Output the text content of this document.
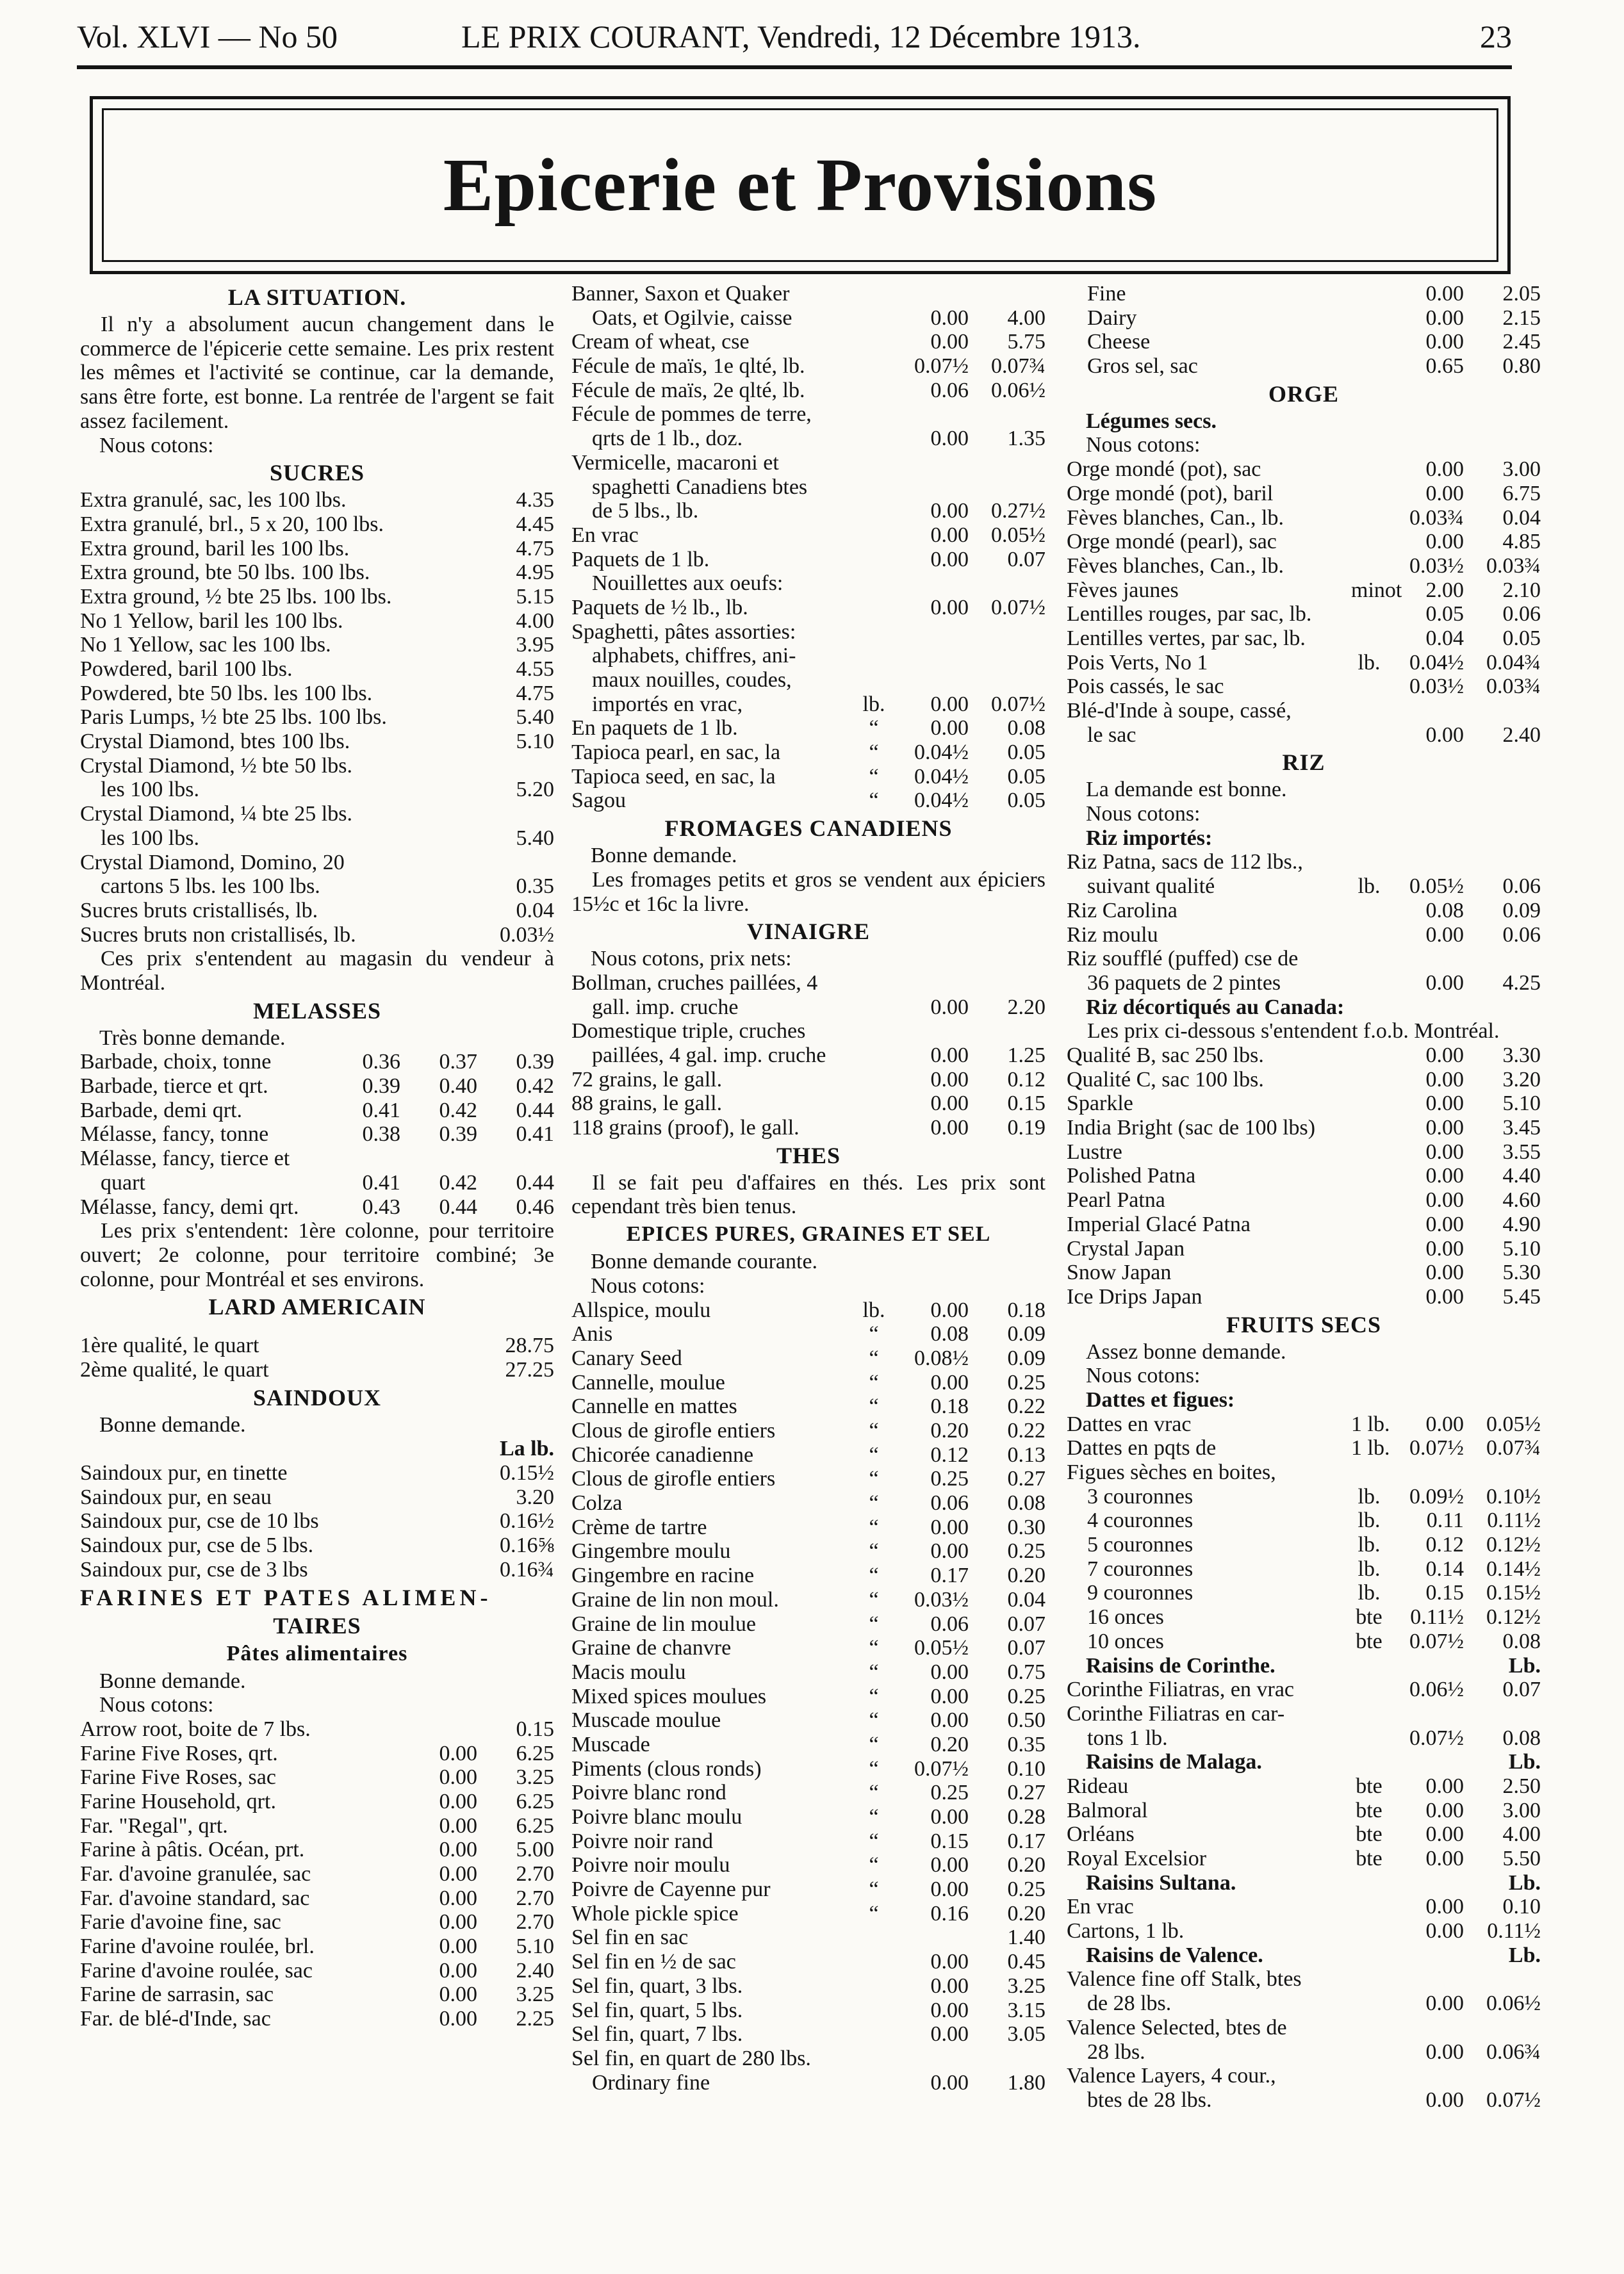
Vol. XLVI — No 50	LE PRIX COURANT, Vendredi, 12 Décembre 1913.	23
Epicerie et Provisions
LA SITUATION.
Il n'y a absolument aucun changement dans le commerce de l'épicerie cette semaine. Les prix restent les mêmes et l'activité se continue, car la demande, sans être forte, est bonne. La rentrée de l'argent se fait assez facilement.
Nous cotons:
SUCRES
Extra granulé, sac, les 100 lbs.	4.35
Extra granulé, brl., 5 x 20, 100 lbs.	4.45
Extra ground, baril les 100 lbs.	4.75
Extra ground, bte 50 lbs. 100 lbs.	4.95
Extra ground, ½ bte 25 lbs. 100 lbs.	5.15
No 1 Yellow, baril les 100 lbs.	4.00
No 1 Yellow, sac les 100 lbs.	3.95
Powdered, baril 100 lbs.	4.55
Powdered, bte 50 lbs. les 100 lbs.	4.75
Paris Lumps, ½ bte 25 lbs. 100 lbs.	5.40
Crystal Diamond, btes 100 lbs.	5.10
Crystal Diamond, ½ bte 50 lbs.
les 100 lbs.	5.20
Crystal Diamond, ¼ bte 25 lbs.
les 100 lbs.	5.40
Crystal Diamond, Domino, 20
cartons 5 lbs. les 100 lbs.	0.35
Sucres bruts cristallisés, lb.	0.04
Sucres bruts non cristallisés, lb.	0.03½
Ces prix s'entendent au magasin du vendeur à Montréal.
MELASSES
Très bonne demande.
Barbade, choix, tonne	0.36	0.37	0.39
Barbade, tierce et qrt.	0.39	0.40	0.42
Barbade, demi qrt.	0.41	0.42	0.44
Mélasse, fancy, tonne	0.38	0.39	0.41
Mélasse, fancy, tierce et
quart	0.41	0.42	0.44
Mélasse, fancy, demi qrt.	0.43	0.44	0.46
Les prix s'entendent: 1ère colonne, pour territoire ouvert; 2e colonne, pour territoire combiné; 3e colonne, pour Montréal et ses environs.
LARD AMERICAIN
1ère qualité, le quart	28.75
2ème qualité, le quart	27.25
SAINDOUX
Bonne demande.
La lb.
Saindoux pur, en tinette	0.15½
Saindoux pur, en seau	3.20
Saindoux pur, cse de 10 lbs	0.16½
Saindoux pur, cse de 5 lbs.	0.16⅝
Saindoux pur, cse de 3 lbs	0.16¾
FARINES ET PATES ALIMEN-
TAIRES
Pâtes alimentaires
Bonne demande.
Nous cotons:
Arrow root, boite de 7 lbs.	0.15
Farine Five Roses, qrt.	0.00	6.25
Farine Five Roses, sac	0.00	3.25
Farine Household, qrt.	0.00	6.25
Far. "Regal", qrt.	0.00	6.25
Farine à pâtis. Océan, prt.	0.00	5.00
Far. d'avoine granulée, sac	0.00	2.70
Far. d'avoine standard, sac	0.00	2.70
Farie d'avoine fine, sac	0.00	2.70
Farine d'avoine roulée, brl.	0.00	5.10
Farine d'avoine roulée, sac	0.00	2.40
Farine de sarrasin, sac	0.00	3.25
Far. de blé-d'Inde, sac	0.00	2.25
Banner, Saxon et Quaker
Oats, et Ogilvie, caisse	0.00	4.00
Cream of wheat, cse	0.00	5.75
Fécule de maïs, 1e qlté, lb.	0.07½	0.07¾
Fécule de maïs, 2e qlté, lb.	0.06	0.06½
Fécule de pommes de terre,
qrts de 1 lb., doz.	0.00	1.35
Vermicelle, macaroni et
spaghetti Canadiens btes
de 5 lbs., lb.	0.00	0.27½
En vrac	0.00	0.05½
Paquets de 1 lb.	0.00	0.07
Nouillettes aux oeufs:
Paquets de ½ lb., lb.	0.00	0.07½
Spaghetti, pâtes assorties:
alphabets, chiffres, ani-
maux nouilles, coudes,
importés en vrac,	lb.	0.00	0.07½
En paquets de 1 lb.	“	0.00	0.08
Tapioca pearl, en sac, la	“	0.04½	0.05
Tapioca seed, en sac, la	“	0.04½	0.05
Sagou	“	0.04½	0.05
FROMAGES CANADIENS
Bonne demande.
Les fromages petits et gros se vendent aux épiciers 15½c et 16c la livre.
VINAIGRE
Nous cotons, prix nets:
Bollman, cruches paillées, 4
gall. imp. cruche	0.00	2.20
Domestique triple, cruches
paillées, 4 gal. imp. cruche	0.00	1.25
72 grains, le gall.	0.00	0.12
88 grains, le gall.	0.00	0.15
118 grains (proof), le gall.	0.00	0.19
THES
Il se fait peu d'affaires en thés. Les prix sont cependant très bien tenus.
EPICES PURES, GRAINES ET SEL
Bonne demande courante.
Nous cotons:
Allspice, moulu	lb.	0.00	0.18
Anis	“	0.08	0.09
Canary Seed	“	0.08½	0.09
Cannelle, moulue	“	0.00	0.25
Cannelle en mattes	“	0.18	0.22
Clous de girofle entiers	“	0.20	0.22
Chicorée canadienne	“	0.12	0.13
Clous de girofle entiers	“	0.25	0.27
Colza	“	0.06	0.08
Crème de tartre	“	0.00	0.30
Gingembre moulu	“	0.00	0.25
Gingembre en racine	“	0.17	0.20
Graine de lin non moul.	“	0.03½	0.04
Graine de lin moulue	“	0.06	0.07
Graine de chanvre	“	0.05½	0.07
Macis moulu	“	0.00	0.75
Mixed spices moulues	“	0.00	0.25
Muscade moulue	“	0.00	0.50
Muscade	“	0.20	0.35
Piments (clous ronds)	“	0.07½	0.10
Poivre blanc rond	“	0.25	0.27
Poivre blanc moulu	“	0.00	0.28
Poivre noir rand	“	0.15	0.17
Poivre noir moulu	“	0.00	0.20
Poivre de Cayenne pur	“	0.00	0.25
Whole pickle spice	“	0.16	0.20
Sel fin en sac	1.40
Sel fin en ½ de sac	0.00	0.45
Sel fin, quart, 3 lbs.	0.00	3.25
Sel fin, quart, 5 lbs.	0.00	3.15
Sel fin, quart, 7 lbs.	0.00	3.05
Sel fin, en quart de 280 lbs.
Ordinary fine	0.00	1.80
Fine	0.00	2.05
Dairy	0.00	2.15
Cheese	0.00	2.45
Gros sel, sac	0.65	0.80
ORGE
Légumes secs.
Nous cotons:
Orge mondé (pot), sac	0.00	3.00
Orge mondé (pot), baril	0.00	6.75
Fèves blanches, Can., lb.	0.03¾	0.04
Orge mondé (pearl), sac	0.00	4.85
Fèves blanches, Can., lb.	0.03½	0.03¾
Fèves jaunes	minot	2.00	2.10
Lentilles rouges, par sac, lb.	0.05	0.06
Lentilles vertes, par sac, lb.	0.04	0.05
Pois Verts, No 1	lb.	0.04½	0.04¾
Pois cassés, le sac	0.03½	0.03¾
Blé-d'Inde à soupe, cassé,
le sac	0.00	2.40
RIZ
La demande est bonne.
Nous cotons:
Riz importés:
Riz Patna, sacs de 112 lbs.,
suivant qualité	lb.	0.05½	0.06
Riz Carolina	0.08	0.09
Riz moulu	0.00	0.06
Riz soufflé (puffed) cse de
36 paquets de 2 pintes	0.00	4.25
Riz décortiqués au Canada:
Les prix ci-dessous s'entendent f.o.b. Montréal.
Qualité B, sac 250 lbs.	0.00	3.30
Qualité C, sac 100 lbs.	0.00	3.20
Sparkle	0.00	5.10
India Bright (sac de 100 lbs)	0.00	3.45
Lustre	0.00	3.55
Polished Patna	0.00	4.40
Pearl Patna	0.00	4.60
Imperial Glacé Patna	0.00	4.90
Crystal Japan	0.00	5.10
Snow Japan	0.00	5.30
Ice Drips Japan	0.00	5.45
FRUITS SECS
Assez bonne demande.
Nous cotons:
Dattes et figues:
Dattes en vrac	1 lb.	0.00	0.05½
Dattes en pqts de	1 lb. 0.07½	0.07¾
Figues sèches en boites,
3 couronnes	lb.	0.09½	0.10½
4 couronnes	lb.	0.11	0.11½
5 couronnes	lb.	0.12	0.12½
7 couronnes	lb.	0.14	0.14½
9 couronnes	lb.	0.15	0.15½
16 onces	bte	0.11½	0.12½
10 onces	bte	0.07½	0.08
Raisins de Corinthe.	Lb.
Corinthe Filiatras, en vrac	0.06½	0.07
Corinthe Filiatras en car-
tons 1 lb.	0.07½	0.08
Raisins de Malaga.	Lb.
Rideau	bte	0.00	2.50
Balmoral	bte	0.00	3.00
Orléans	bte	0.00	4.00
Royal Excelsior	bte	0.00	5.50
Raisins Sultana.	Lb.
En vrac	0.00	0.10
Cartons, 1 lb.	0.00	0.11½
Raisins de Valence.	Lb.
Valence fine off Stalk, btes
de 28 lbs.	0.00	0.06½
Valence Selected, btes de
28 lbs.	0.00	0.06¾
Valence Layers, 4 cour.,
btes de 28 lbs.	0.00	0.07½
